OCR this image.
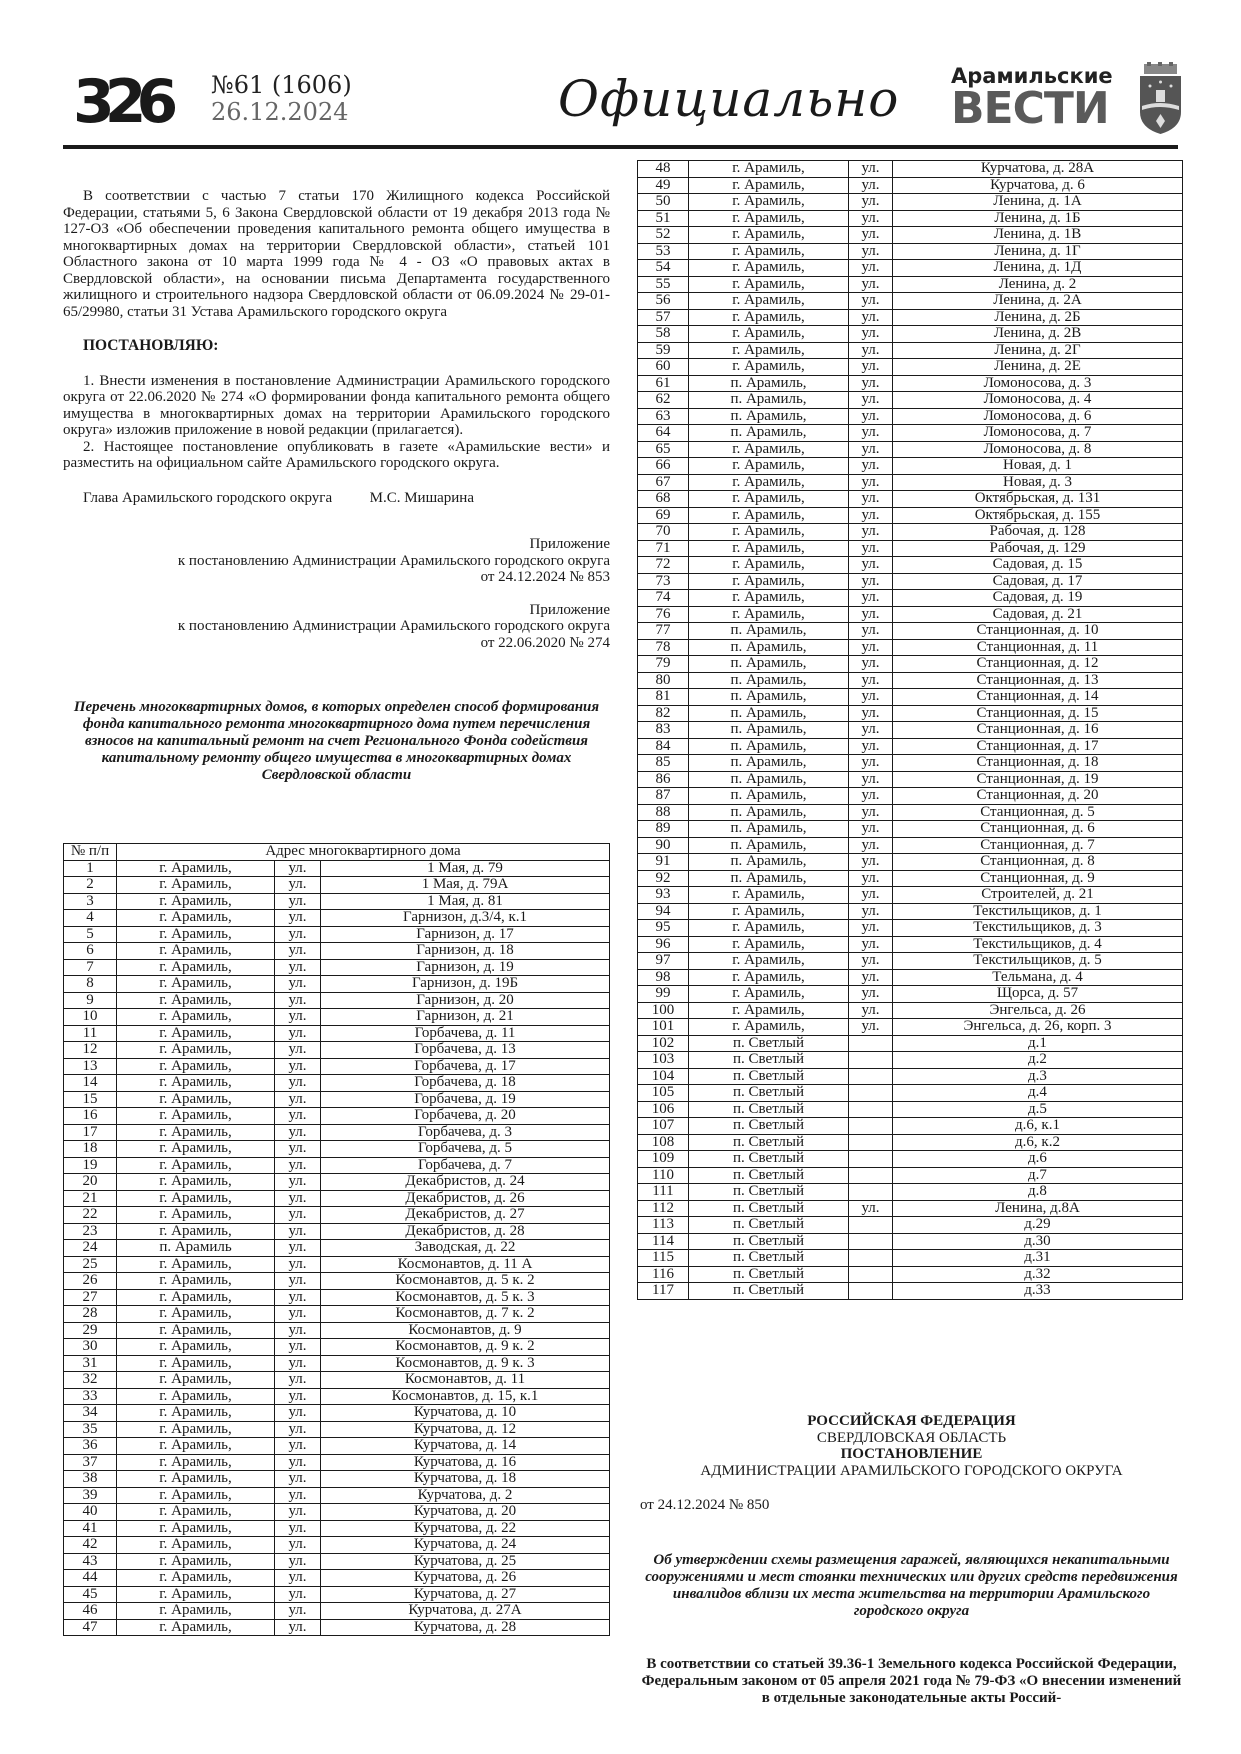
326 №61 (1606)
26.12.2024	Официально Арамильские
ВЕСТИ

В соответствии с частью 7 статьи 170 Жилищного кодекса Российской Федерации, статьями 5, 6 Закона Свердловской области от 19 декабря 2013 года № 127-ОЗ «Об обеспечении проведения капитального ремонта общего имущества в многоквартирных домах на территории Свердловской области», статьей 101 Областного закона от 10 марта 1999 года № 4 - ОЗ «О правовых актах в Свердловской области», на основании письма Департамента государственного жилищного и строительного надзора Свердловской области от 06.09.2024 № 29-01-65/29980, статьи 31 Устава Арамильского городского округа

ПОСТАНОВЛЯЮ:

1. Внести изменения в постановление Администрации Арамильского городского округа от 22.06.2020 № 274 «О формировании фонда капитального ремонта общего имущества в многоквартирных домах на территории Арамильского городского округа» изложив приложение в новой редакции (прилагается).

2. Настоящее постановление опубликовать в газете «Арамильские вести» и разместить на официальном сайте Арамильского городского округа.

Глава Арамильского городского округа          М.С. Мишарина

Приложение
к постановлению Администрации Арамильского городского округа
от 24.12.2024 № 853

Приложение
к постановлению Администрации Арамильского городского округа
от 22.06.2020 № 274

Перечень многоквартирных домов, в которых определен способ формирования фонда капитального ремонта многоквартирного дома путем перечисления взносов на капитальный ремонт на счет Регионального Фонда содействия капитальному ремонту общего имущества в многоквартирных домах Свердловской области

№ п/п	Адрес многоквартирного дома		
1	г. Арамиль,	ул.	1 Мая, д. 79
2	г. Арамиль,	ул.	1 Мая, д. 79А
3	г. Арамиль,	ул.	1 Мая, д. 81
4	г. Арамиль,	ул.	Гарнизон, д.3/4, к.1
5	г. Арамиль,	ул.	Гарнизон, д. 17
6	г. Арамиль,	ул.	Гарнизон, д. 18
7	г. Арамиль,	ул.	Гарнизон, д. 19
8	г. Арамиль,	ул.	Гарнизон, д. 19Б
9	г. Арамиль,	ул.	Гарнизон, д. 20
10	г. Арамиль,	ул.	Гарнизон, д. 21
11	г. Арамиль,	ул.	Горбачева, д. 11
12	г. Арамиль,	ул.	Горбачева, д. 13
13	г. Арамиль,	ул.	Горбачева, д. 17
14	г. Арамиль,	ул.	Горбачева, д. 18
15	г. Арамиль,	ул.	Горбачева, д. 19
16	г. Арамиль,	ул.	Горбачева, д. 20
17	г. Арамиль,	ул.	Горбачева, д. 3
18	г. Арамиль,	ул.	Горбачева, д. 5
19	г. Арамиль,	ул.	Горбачева, д. 7
20	г. Арамиль,	ул.	Декабристов, д. 24
21	г. Арамиль,	ул.	Декабристов, д. 26
22	г. Арамиль,	ул.	Декабристов, д. 27
23	г. Арамиль,	ул.	Декабристов, д. 28
24	п. Арамиль	ул.	Заводская, д. 22
25	г. Арамиль,	ул.	Космонавтов, д. 11 А
26	г. Арамиль,	ул.	Космонавтов, д. 5 к. 2
27	г. Арамиль,	ул.	Космонавтов, д. 5 к. 3
28	г. Арамиль,	ул.	Космонавтов, д. 7 к. 2
29	г. Арамиль,	ул.	Космонавтов, д. 9
30	г. Арамиль,	ул.	Космонавтов, д. 9 к. 2
31	г. Арамиль,	ул.	Космонавтов, д. 9 к. 3
32	г. Арамиль,	ул.	Космонавтов, д. 11
33	г. Арамиль,	ул.	Космонавтов, д. 15, к.1
34	г. Арамиль,	ул.	Курчатова, д. 10
35	г. Арамиль,	ул.	Курчатова, д. 12
36	г. Арамиль,	ул.	Курчатова, д. 14
37	г. Арамиль,	ул.	Курчатова, д. 16
38	г. Арамиль,	ул.	Курчатова, д. 18
39	г. Арамиль,	ул.	Курчатова, д. 2
40	г. Арамиль,	ул.	Курчатова, д. 20
41	г. Арамиль,	ул.	Курчатова, д. 22
42	г. Арамиль,	ул.	Курчатова, д. 24
43	г. Арамиль,	ул.	Курчатова, д. 25
44	г. Арамиль,	ул.	Курчатова, д. 26
45	г. Арамиль,	ул.	Курчатова, д. 27
46	г. Арамиль,	ул.	Курчатова, д. 27А
47	г. Арамиль,	ул.	Курчатова, д. 28
48	г. Арамиль,	ул.	Курчатова, д. 28А
49	г. Арамиль,	ул.	Курчатова, д. 6
50	г. Арамиль,	ул.	Ленина, д. 1А
51	г. Арамиль,	ул.	Ленина, д. 1Б
52	г. Арамиль,	ул.	Ленина, д. 1В
53	г. Арамиль,	ул.	Ленина, д. 1Г
54	г. Арамиль,	ул.	Ленина, д. 1Д
55	г. Арамиль,	ул.	Ленина, д. 2
56	г. Арамиль,	ул.	Ленина, д. 2А
57	г. Арамиль,	ул.	Ленина, д. 2Б
58	г. Арамиль,	ул.	Ленина, д. 2В
59	г. Арамиль,	ул.	Ленина, д. 2Г
60	г. Арамиль,	ул.	Ленина, д. 2Е
61	п. Арамиль,	ул.	Ломоносова, д. 3
62	п. Арамиль,	ул.	Ломоносова, д. 4
63	п. Арамиль,	ул.	Ломоносова, д. 6
64	п. Арамиль,	ул.	Ломоносова, д. 7
65	г. Арамиль,	ул.	Ломоносова, д. 8
66	г. Арамиль,	ул.	Новая, д. 1
67	г. Арамиль,	ул.	Новая, д. 3
68	г. Арамиль,	ул.	Октябрьская, д. 131
69	г. Арамиль,	ул.	Октябрьская, д. 155
70	г. Арамиль,	ул.	Рабочая, д. 128
71	г. Арамиль,	ул.	Рабочая, д. 129
72	г. Арамиль,	ул.	Садовая, д. 15
73	г. Арамиль,	ул.	Садовая, д. 17
74	г. Арамиль,	ул.	Садовая, д. 19
76	г. Арамиль,	ул.	Садовая, д. 21
77	п. Арамиль,	ул.	Станционная, д. 10
78	п. Арамиль,	ул.	Станционная, д. 11
79	п. Арамиль,	ул.	Станционная, д. 12
80	п. Арамиль,	ул.	Станционная, д. 13
81	п. Арамиль,	ул.	Станционная, д. 14
82	п. Арамиль,	ул.	Станционная, д. 15
83	п. Арамиль,	ул.	Станционная, д. 16
84	п. Арамиль,	ул.	Станционная, д. 17
85	п. Арамиль,	ул.	Станционная, д. 18
86	п. Арамиль,	ул.	Станционная, д. 19
87	п. Арамиль,	ул.	Станционная, д. 20
88	п. Арамиль,	ул.	Станционная, д. 5
89	п. Арамиль,	ул.	Станционная, д. 6
90	п. Арамиль,	ул.	Станционная, д. 7
91	п. Арамиль,	ул.	Станционная, д. 8
92	п. Арамиль,	ул.	Станционная, д. 9
93	г. Арамиль,	ул.	Строителей, д. 21
94	г. Арамиль,	ул.	Текстильщиков, д. 1
95	г. Арамиль,	ул.	Текстильщиков, д. 3
96	г. Арамиль,	ул.	Текстильщиков, д. 4
97	г. Арамиль,	ул.	Текстильщиков, д. 5
98	г. Арамиль,	ул.	Тельмана, д. 4
99	г. Арамиль,	ул.	Щорса, д. 57
100	г. Арамиль,	ул.	Энгельса, д. 26
101	г. Арамиль,	ул.	Энгельса, д. 26, корп. 3
102	п. Светлый		д.1
103	п. Светлый		д.2
104	п. Светлый		д.3
105	п. Светлый		д.4
106	п. Светлый		д.5
107	п. Светлый		д.6, к.1
108	п. Светлый		д.6, к.2
109	п. Светлый		д.6
110	п. Светлый		д.7
111	п. Светлый		д.8
112	п. Светлый	ул.	Ленина, д.8А
113	п. Светлый		д.29
114	п. Светлый		д.30
115	п. Светлый		д.31
116	п. Светлый		д.32
117	п. Светлый		д.33

РОССИЙСКАЯ ФЕДЕРАЦИЯ

СВЕРДЛОВСКАЯ ОБЛАСТЬ

ПОСТАНОВЛЕНИЕ

АДМИНИСТРАЦИИ АРАМИЛЬСКОГО ГОРОДСКОГО ОКРУГА

от 24.12.2024 № 850

Об утверждении схемы размещения гаражей, являющихся некапитальными сооружениями и мест стоянки технических или других средств передвижения инвалидов вблизи их места жительства на территории Арамильского городского округа

В соответствии со статьей 39.36-1 Земельного кодекса Российской Федерации, Федеральным законом от 05 апреля 2021 года № 79-ФЗ «О внесении изменений в отдельные законодательные акты Россий-
